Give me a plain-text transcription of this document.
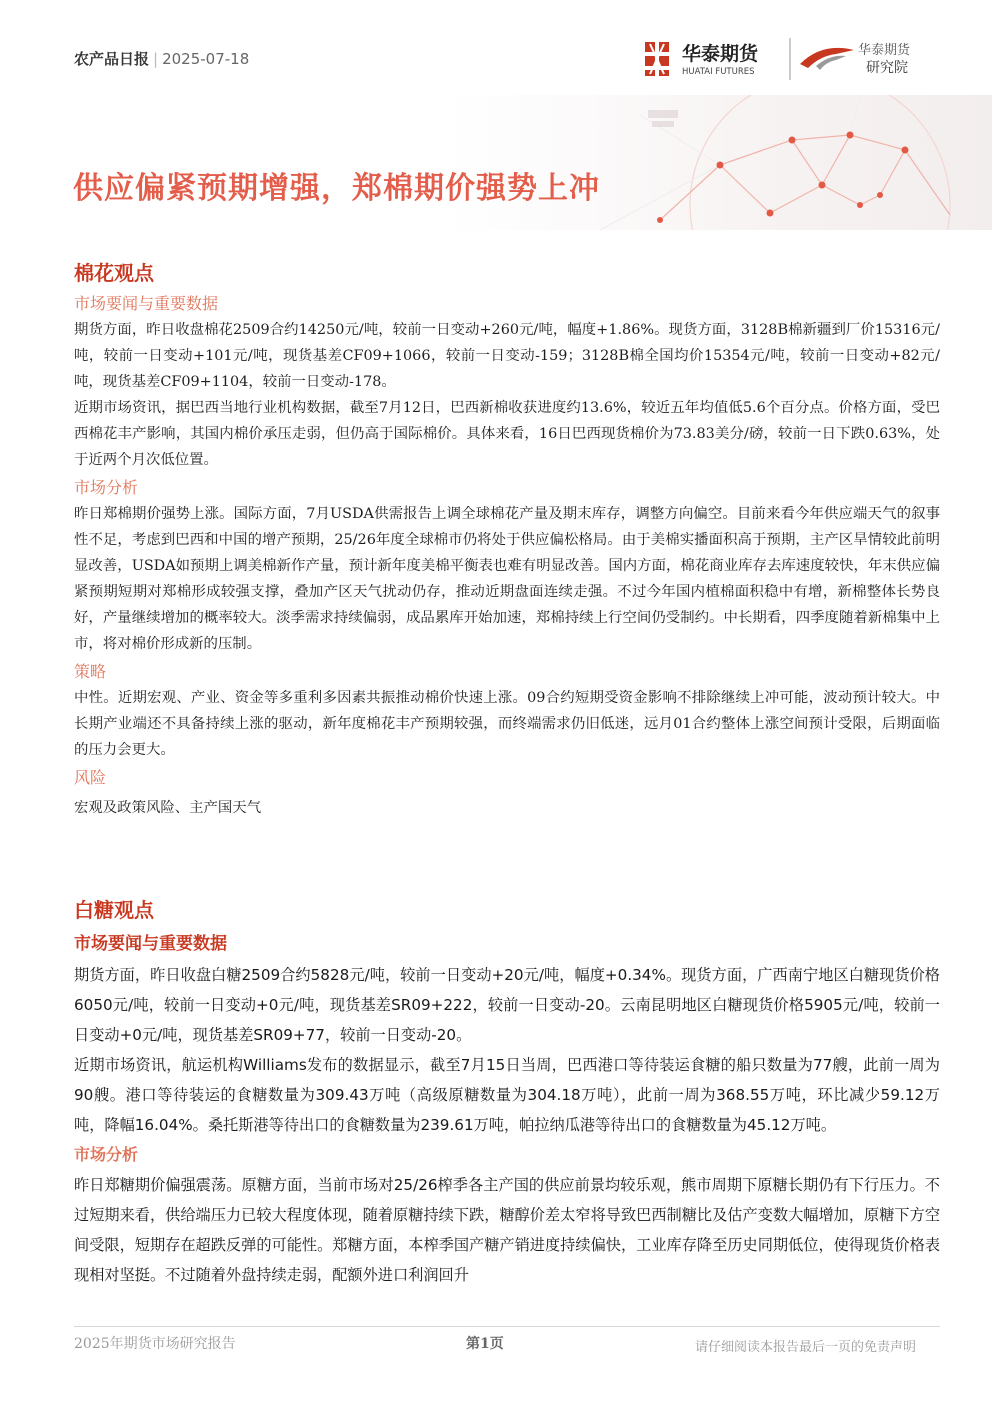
农产品日报 | 2025-07-18	华泰期货
HUATAI FUTURES
华泰期货
研究院
供应偏紧预期增强，郑棉期价强势上冲
棉花观点
市场要闻与重要数据

期货方面，昨日收盘棉花2509合约14250元/吨，较前一日变动+260元/吨，幅度+1.86%。现货方面，3128B棉新疆到厂价15316元/吨，较前一日变动+101元/吨，现货基差CF09+1066，较前一日变动-159；3128B棉全国均价15354元/吨，较前一日变动+82元/吨，现货基差CF09+1104，较前一日变动-178。

近期市场资讯，据巴西当地行业机构数据，截至7月12日，巴西新棉收获进度约13.6%，较近五年均值低5.6个百分点。价格方面，受巴西棉花丰产影响，其国内棉价承压走弱，但仍高于国际棉价。具体来看，16日巴西现货棉价为73.83美分/磅，较前一日下跌0.63%，处于近两个月次低位置。

市场分析

昨日郑棉期价强势上涨。国际方面，7月USDA供需报告上调全球棉花产量及期末库存，调整方向偏空。目前来看今年供应端天气的叙事性不足，考虑到巴西和中国的增产预期，25/26年度全球棉市仍将处于供应偏松格局。由于美棉实播面积高于预期，主产区旱情较此前明显改善，USDA如预期上调美棉新作产量，预计新年度美棉平衡表也难有明显改善。国内方面，棉花商业库存去库速度较快，年末供应偏紧预期短期对郑棉形成较强支撑，叠加产区天气扰动仍存，推动近期盘面连续走强。不过今年国内植棉面积稳中有增，新棉整体长势良好，产量继续增加的概率较大。淡季需求持续偏弱，成品累库开始加速，郑棉持续上行空间仍受制约。中长期看，四季度随着新棉集中上市，将对棉价形成新的压制。

策略

中性。近期宏观、产业、资金等多重利多因素共振推动棉价快速上涨。09合约短期受资金影响不排除继续上冲可能，波动预计较大。中长期产业端还不具备持续上涨的驱动，新年度棉花丰产预期较强，而终端需求仍旧低迷，远月01合约整体上涨空间预计受限，后期面临的压力会更大。

风险

宏观及政策风险、主产国天气

白糖观点
市场要闻与重要数据

期货方面，昨日收盘白糖2509合约5828元/吨，较前一日变动+20元/吨，幅度+0.34%。现货方面，广西南宁地区白糖现货价格6050元/吨，较前一日变动+0元/吨，现货基差SR09+222，较前一日变动-20。云南昆明地区白糖现货价格5905元/吨，较前一日变动+0元/吨，现货基差SR09+77，较前一日变动-20。

近期市场资讯，航运机构Williams发布的数据显示，截至7月15日当周，巴西港口等待装运食糖的船只数量为77艘，此前一周为90艘。港口等待装运的食糖数量为309.43万吨（高级原糖数量为304.18万吨），此前一周为368.55万吨，环比减少59.12万吨，降幅16.04%。桑托斯港等待出口的食糖数量为239.61万吨，帕拉纳瓜港等待出口的食糖数量为45.12万吨。

市场分析

昨日郑糖期价偏强震荡。原糖方面，当前市场对25/26榨季各主产国的供应前景均较乐观，熊市周期下原糖长期仍有下行压力。不过短期来看，供给端压力已较大程度体现，随着原糖持续下跌，糖醇价差太窄将导致巴西制糖比及估产变数大幅增加，原糖下方空间受限，短期存在超跌反弹的可能性。郑糖方面，本榨季国产糖产销进度持续偏快，工业库存降至历史同期低位，使得现货价格表现相对坚挺。不过随着外盘持续走弱，配额外进口利润回升

2025年期货市场研究报告	第1页	请仔细阅读本报告最后一页的免责声明
